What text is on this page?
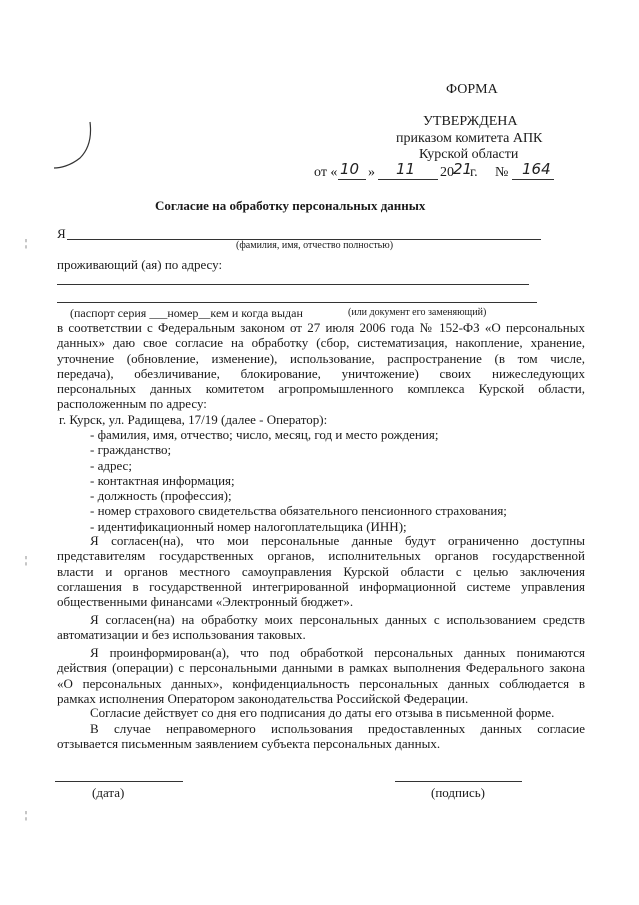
ФОРМА
УТВЕРЖДЕНА
приказом комитета АПК
Курской области
от « 10 » 11 20 21
г. № 164
Согласие на обработку персональных данных
Я
(фамилия, имя, отчество полностью)
проживающий (ая) по адресу:
(паспорт серия ___номер__кем и когда выдан	(или документ его заменяющий)
в соответствии с Федеральным законом от 27 июля 2006 года № 152-ФЗ «О персональных
данных» даю свое согласие на обработку (сбор, систематизация, накопление, хранение,
уточнение (обновление, изменение), использование, распространение (в том числе,
передача), обезличивание, блокирование, уничтожение) своих нижеследующих
персональных данных комитетом агропромышленного комплекса Курской области,
расположенным по адресу:
г. Курск, ул. Радищева, 17/19 (далее - Оператор):
- фамилия, имя, отчество; число, месяц, год и место рождения;
- гражданство;
- адрес;
- контактная информация;
- должность (профессия);
- номер страхового свидетельства обязательного пенсионного страхования;
- идентификационный номер налогоплательщика (ИНН);
Я согласен(на), что мои персональные данные будут ограниченно доступны
представителям государственных органов, исполнительных органов государственной
власти и органов местного самоуправления Курской области с целью заключения
соглашения в государственной интегрированной информационной системе управления
общественными финансами «Электронный бюджет».
Я согласен(на) на обработку моих персональных данных с использованием средств
автоматизации и без использования таковых.
Я проинформирован(а), что под обработкой персональных данных понимаются
действия (операции) с персональными данными в рамках выполнения Федерального закона
«О персональных данных», конфиденциальность персональных данных соблюдается в
рамках исполнения Оператором законодательства Российской Федерации.
Согласие действует со дня его подписания до даты его отзыва в письменной форме.
В случае неправомерного использования предоставленных данных согласие
отзывается письменным заявлением субъекта персональных данных.
(дата)	(подпись)
¦
¦
¦
